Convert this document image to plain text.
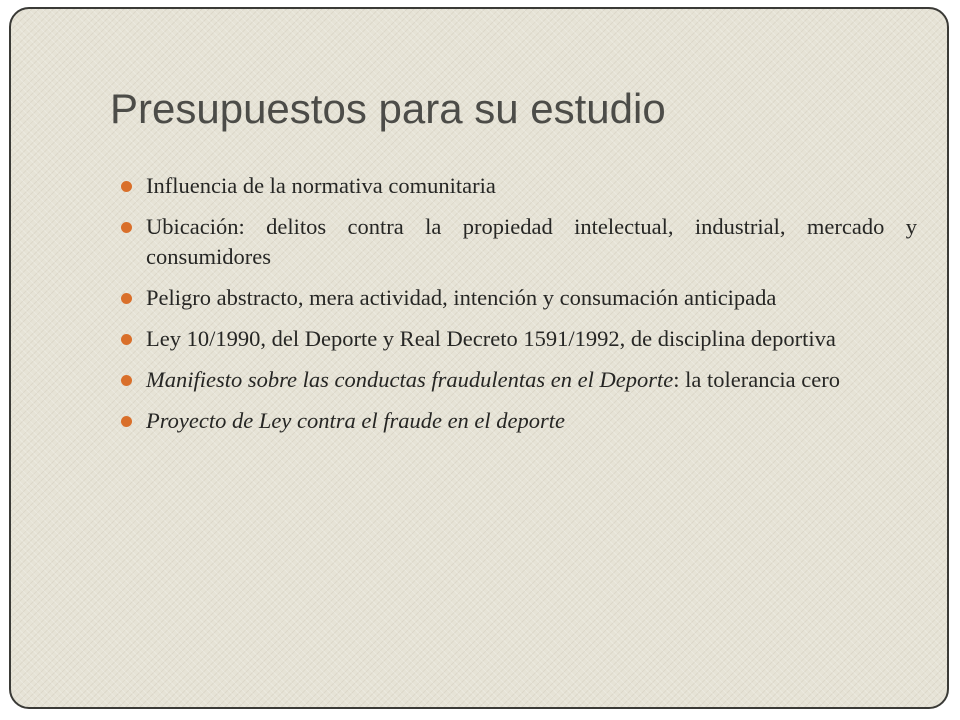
Presupuestos para su estudio
Influencia de la normativa comunitaria
Ubicación: delitos contra la propiedad intelectual, industrial, mercado y consumidores
Peligro abstracto, mera actividad, intención y consumación anticipada
Ley 10/1990, del Deporte y Real Decreto 1591/1992, de disciplina deportiva
Manifiesto sobre las conductas fraudulentas en el Deporte: la tolerancia cero
Proyecto de Ley contra el fraude en el deporte
